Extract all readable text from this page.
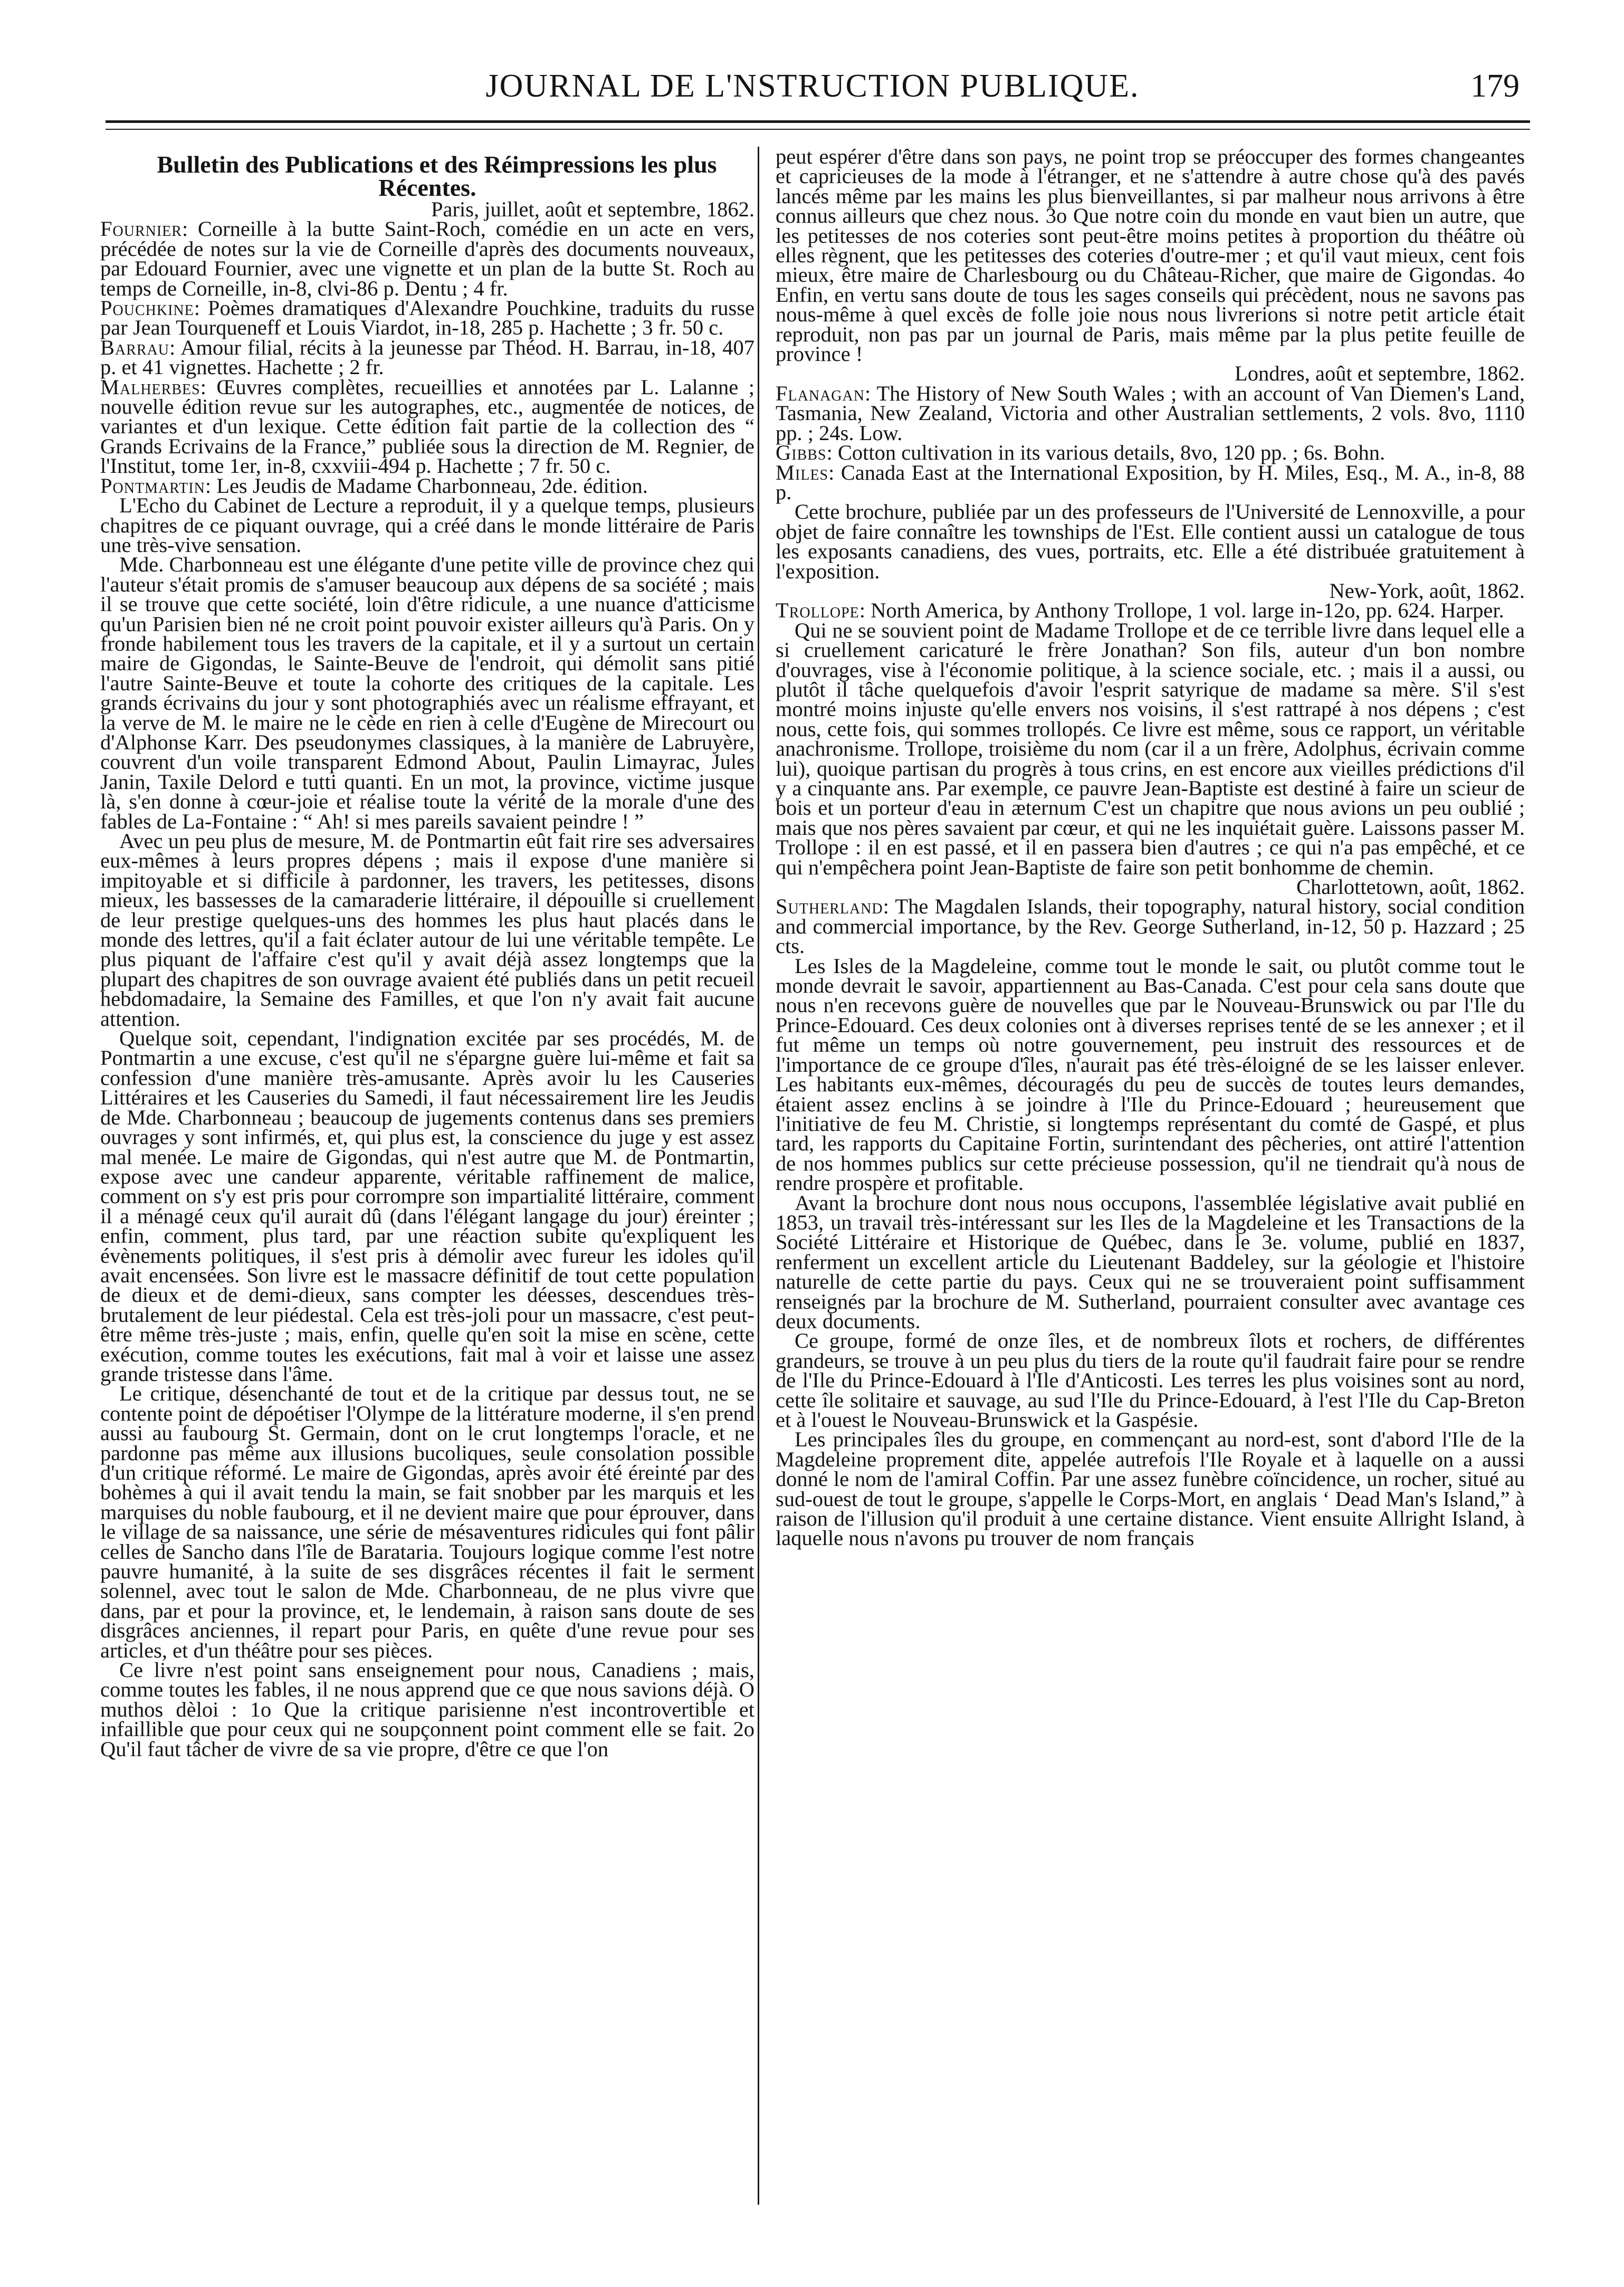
JOURNAL DE L'NSTRUCTION PUBLIQUE.	179

Bulletin des Publications et des Réimpressions les plus Récentes.

Paris, juillet, août et septembre, 1862.

Fournier: Corneille à la butte Saint-Roch, comédie en un acte en vers, précédée de notes sur la vie de Corneille d'après des documents nouveaux, par Edouard Fournier, avec une vignette et un plan de la butte St. Roch au temps de Corneille, in-8, clvi-86 p. Dentu ; 4 fr.

Pouchkine: Poèmes dramatiques d'Alexandre Pouchkine, traduits du russe par Jean Tourqueneff et Louis Viardot, in-18, 285 p. Hachette ; 3 fr. 50 c.

Barrau: Amour filial, récits à la jeunesse par Théod. H. Barrau, in-18, 407 p. et 41 vignettes. Hachette ; 2 fr.

Malherbes: Œuvres complètes, recueillies et annotées par L. Lalanne ; nouvelle édition revue sur les autographes, etc., augmentée de notices, de variantes et d'un lexique. Cette édition fait partie de la collection des “ Grands Ecrivains de la France,” publiée sous la direction de M. Regnier, de l'Institut, tome 1er, in-8, cxxviii-494 p. Hachette ; 7 fr. 50 c.

Pontmartin: Les Jeudis de Madame Charbonneau, 2de. édition.

L'Echo du Cabinet de Lecture a reproduit, il y a quelque temps, plusieurs chapitres de ce piquant ouvrage, qui a créé dans le monde littéraire de Paris une très-vive sensation.

Mde. Charbonneau est une élégante d'une petite ville de province chez qui l'auteur s'était promis de s'amuser beaucoup aux dépens de sa société ; mais il se trouve que cette société, loin d'être ridicule, a une nuance d'atticisme qu'un Parisien bien né ne croit point pouvoir exister ailleurs qu'à Paris. On y fronde habilement tous les travers de la capitale, et il y a surtout un certain maire de Gigondas, le Sainte-Beuve de l'endroit, qui démolit sans pitié l'autre Sainte-Beuve et toute la cohorte des critiques de la capitale. Les grands écrivains du jour y sont photographiés avec un réalisme effrayant, et la verve de M. le maire ne le cède en rien à celle d'Eugène de Mirecourt ou d'Alphonse Karr. Des pseudonymes classiques, à la manière de Labruyère, couvrent d'un voile transparent Edmond About, Paulin Limayrac, Jules Janin, Taxile Delord e tutti quanti. En un mot, la province, victime jusque là, s'en donne à cœur-joie et réalise toute la vérité de la morale d'une des fables de La-Fontaine : “ Ah! si mes pareils savaient peindre ! ”

Avec un peu plus de mesure, M. de Pontmartin eût fait rire ses adversaires eux-mêmes à leurs propres dépens ; mais il expose d'une manière si impitoyable et si difficile à pardonner, les travers, les petitesses, disons mieux, les bassesses de la camaraderie littéraire, il dépouille si cruellement de leur prestige quelques-uns des hommes les plus haut placés dans le monde des lettres, qu'il a fait éclater autour de lui une véritable tempête. Le plus piquant de l'affaire c'est qu'il y avait déjà assez longtemps que la plupart des chapitres de son ouvrage avaient été publiés dans un petit recueil hebdomadaire, la Semaine des Familles, et que l'on n'y avait fait aucune attention.

Quelque soit, cependant, l'indignation excitée par ses procédés, M. de Pontmartin a une excuse, c'est qu'il ne s'épargne guère lui-même et fait sa confession d'une manière très-amusante. Après avoir lu les Causeries Littéraires et les Causeries du Samedi, il faut nécessairement lire les Jeudis de Mde. Charbonneau ; beaucoup de jugements contenus dans ses premiers ouvrages y sont infirmés, et, qui plus est, la conscience du juge y est assez mal menée. Le maire de Gigondas, qui n'est autre que M. de Pontmartin, expose avec une candeur apparente, véritable raffinement de malice, comment on s'y est pris pour corrompre son impartialité littéraire, comment il a ménagé ceux qu'il aurait dû (dans l'élégant langage du jour) éreinter ; enfin, comment, plus tard, par une réaction subite qu'expliquent les évènements politiques, il s'est pris à démolir avec fureur les idoles qu'il avait encensées. Son livre est le massacre définitif de tout cette population de dieux et de demi-dieux, sans compter les déesses, descendues très-brutalement de leur piédestal. Cela est très-joli pour un massacre, c'est peut-être même très-juste ; mais, enfin, quelle qu'en soit la mise en scène, cette exécution, comme toutes les exécutions, fait mal à voir et laisse une assez grande tristesse dans l'âme.

Le critique, désenchanté de tout et de la critique par dessus tout, ne se contente point de dépoétiser l'Olympe de la littérature moderne, il s'en prend aussi au faubourg St. Germain, dont on le crut longtemps l'oracle, et ne pardonne pas même aux illusions bucoliques, seule consolation possible d'un critique réformé. Le maire de Gigondas, après avoir été éreinté par des bohèmes à qui il avait tendu la main, se fait snobber par les marquis et les marquises du noble faubourg, et il ne devient maire que pour éprouver, dans le village de sa naissance, une série de mésaventures ridicules qui font pâlir celles de Sancho dans l'île de Barataria. Toujours logique comme l'est notre pauvre humanité, à la suite de ses disgrâces récentes il fait le serment solennel, avec tout le salon de Mde. Charbonneau, de ne plus vivre que dans, par et pour la province, et, le lendemain, à raison sans doute de ses disgrâces anciennes, il repart pour Paris, en quête d'une revue pour ses articles, et d'un théâtre pour ses pièces.

Ce livre n'est point sans enseignement pour nous, Canadiens ; mais, comme toutes les fables, il ne nous apprend que ce que nous savions déjà. O muthos dèloi : 1o Que la critique parisienne n'est incontrovertible et infaillible que pour ceux qui ne soupçonnent point comment elle se fait. 2o Qu'il faut tâcher de vivre de sa vie propre, d'être ce que l'on

peut espérer d'être dans son pays, ne point trop se préoccuper des formes changeantes et capricieuses de la mode à l'étranger, et ne s'attendre à autre chose qu'à des pavés lancés même par les mains les plus bienveillantes, si par malheur nous arrivons à être connus ailleurs que chez nous. 3o Que notre coin du monde en vaut bien un autre, que les petitesses de nos coteries sont peut-être moins petites à proportion du théâtre où elles règnent, que les petitesses des coteries d'outre-mer ; et qu'il vaut mieux, cent fois mieux, être maire de Charlesbourg ou du Château-Richer, que maire de Gigondas. 4o Enfin, en vertu sans doute de tous les sages conseils qui précèdent, nous ne savons pas nous-même à quel excès de folle joie nous nous livrerions si notre petit article était reproduit, non pas par un journal de Paris, mais même par la plus petite feuille de province !

Londres, août et septembre, 1862.

Flanagan: The History of New South Wales ; with an account of Van Diemen's Land, Tasmania, New Zealand, Victoria and other Australian settlements, 2 vols. 8vo, 1110 pp. ; 24s. Low.

Gibbs: Cotton cultivation in its various details, 8vo, 120 pp. ; 6s. Bohn.

Miles: Canada East at the International Exposition, by H. Miles, Esq., M. A., in-8, 88 p.

Cette brochure, publiée par un des professeurs de l'Université de Lennoxville, a pour objet de faire connaître les townships de l'Est. Elle contient aussi un catalogue de tous les exposants canadiens, des vues, portraits, etc. Elle a été distribuée gratuitement à l'exposition.

New-York, août, 1862.

Trollope: North America, by Anthony Trollope, 1 vol. large in-12o, pp. 624. Harper.

Qui ne se souvient point de Madame Trollope et de ce terrible livre dans lequel elle a si cruellement caricaturé le frère Jonathan? Son fils, auteur d'un bon nombre d'ouvrages, vise à l'économie politique, à la science sociale, etc. ; mais il a aussi, ou plutôt il tâche quelquefois d'avoir l'esprit satyrique de madame sa mère. S'il s'est montré moins injuste qu'elle envers nos voisins, il s'est rattrapé à nos dépens ; c'est nous, cette fois, qui sommes trollopés. Ce livre est même, sous ce rapport, un véritable anachronisme. Trollope, troisième du nom (car il a un frère, Adolphus, écrivain comme lui), quoique partisan du progrès à tous crins, en est encore aux vieilles prédictions d'il y a cinquante ans. Par exemple, ce pauvre Jean-Baptiste est destiné à faire un scieur de bois et un porteur d'eau in æternum C'est un chapitre que nous avions un peu oublié ; mais que nos pères savaient par cœur, et qui ne les inquiétait guère. Laissons passer M. Trollope : il en est passé, et il en passera bien d'autres ; ce qui n'a pas empêché, et ce qui n'empêchera point Jean-Baptiste de faire son petit bonhomme de chemin.

Charlottetown, août, 1862.

Sutherland: The Magdalen Islands, their topography, natural history, social condition and commercial importance, by the Rev. George Sutherland, in-12, 50 p. Hazzard ; 25 cts.

Les Isles de la Magdeleine, comme tout le monde le sait, ou plutôt comme tout le monde devrait le savoir, appartiennent au Bas-Canada. C'est pour cela sans doute que nous n'en recevons guère de nouvelles que par le Nouveau-Brunswick ou par l'Ile du Prince-Edouard. Ces deux colonies ont à diverses reprises tenté de se les annexer ; et il fut même un temps où notre gouvernement, peu instruit des ressources et de l'importance de ce groupe d'îles, n'aurait pas été très-éloigné de se les laisser enlever. Les habitants eux-mêmes, découragés du peu de succès de toutes leurs demandes, étaient assez enclins à se joindre à l'Ile du Prince-Edouard ; heureusement que l'initiative de feu M. Christie, si longtemps représentant du comté de Gaspé, et plus tard, les rapports du Capitaine Fortin, surintendant des pêcheries, ont attiré l'attention de nos hommes publics sur cette précieuse possession, qu'il ne tiendrait qu'à nous de rendre prospère et profitable.

Avant la brochure dont nous nous occupons, l'assemblée législative avait publié en 1853, un travail très-intéressant sur les Iles de la Magdeleine et les Transactions de la Société Littéraire et Historique de Québec, dans le 3e. volume, publié en 1837, renferment un excellent article du Lieutenant Baddeley, sur la géologie et l'histoire naturelle de cette partie du pays. Ceux qui ne se trouveraient point suffisamment renseignés par la brochure de M. Sutherland, pourraient consulter avec avantage ces deux documents.

Ce groupe, formé de onze îles, et de nombreux îlots et rochers, de différentes grandeurs, se trouve à un peu plus du tiers de la route qu'il faudrait faire pour se rendre de l'Ile du Prince-Edouard à l'Ile d'Anticosti. Les terres les plus voisines sont au nord, cette île solitaire et sauvage, au sud l'Ile du Prince-Edouard, à l'est l'Ile du Cap-Breton et à l'ouest le Nouveau-Brunswick et la Gaspésie.

Les principales îles du groupe, en commençant au nord-est, sont d'abord l'Ile de la Magdeleine proprement dite, appelée autrefois l'Ile Royale et à laquelle on a aussi donné le nom de l'amiral Coffin. Par une assez funèbre coïncidence, un rocher, situé au sud-ouest de tout le groupe, s'appelle le Corps-Mort, en anglais ‘ Dead Man's Island,” à raison de l'illusion qu'il produit à une certaine distance. Vient ensuite Allright Island, à laquelle nous n'avons pu trouver de nom français
